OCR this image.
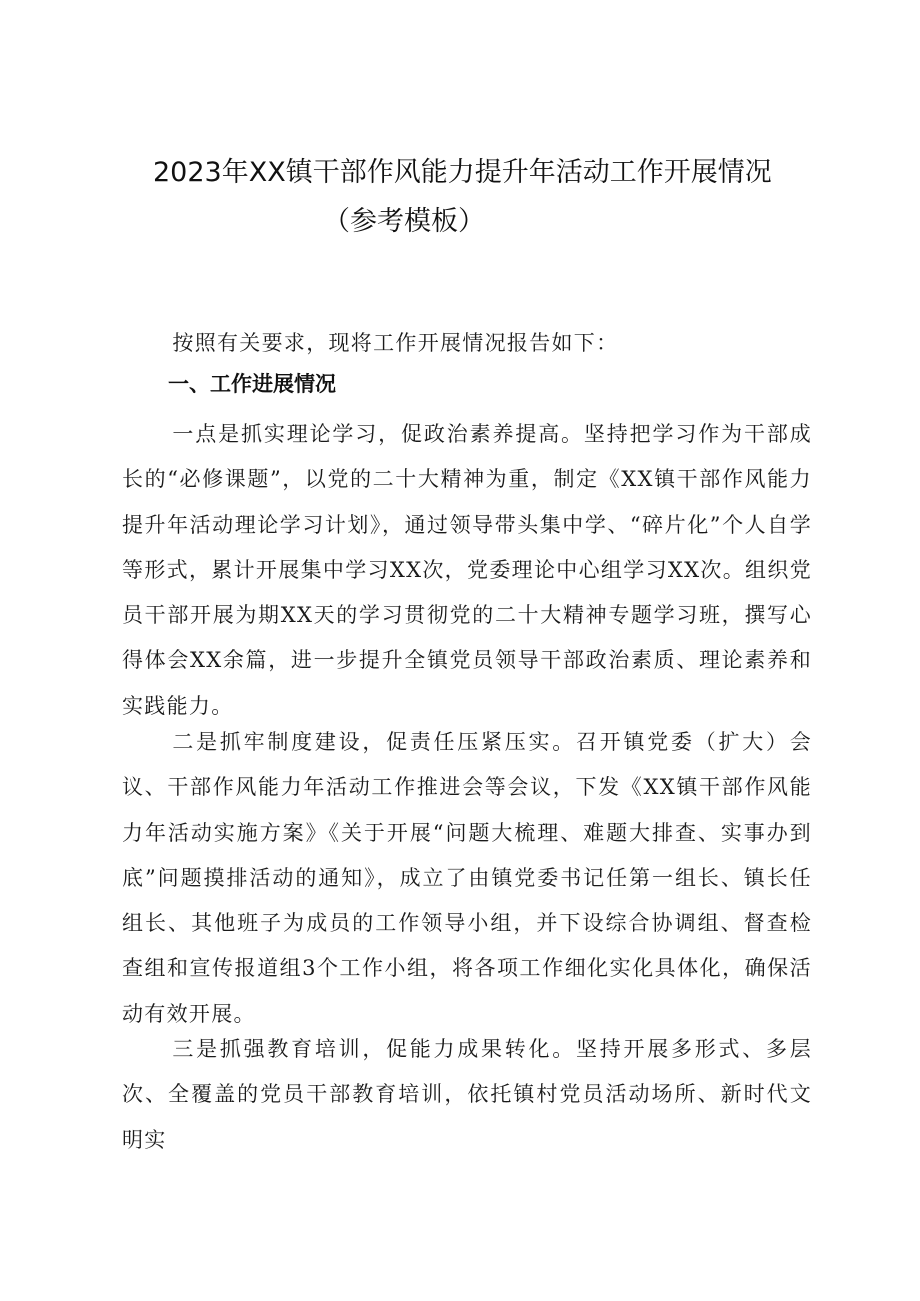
2023年XX镇干部作风能力提升年活动工作开展情况
（参考模板）

按照有关要求，现将工作开展情况报告如下：

一、工作进展情况

一点是抓实理论学习，促政治素养提高。坚持把学习作为干部成长的“必修课题”，以党的二十大精神为重，制定《XX镇干部作风能力提升年活动理论学习计划》，通过领导带头集中学、“碎片化”个人自学等形式，累计开展集中学习XX次，党委理论中心组学习XX次。组织党员干部开展为期XX天的学习贯彻党的二十大精神专题学习班，撰写心得体会XX余篇，进一步提升全镇党员领导干部政治素质、理论素养和实践能力。

二是抓牢制度建设，促责任压紧压实。召开镇党委（扩大）会议、干部作风能力年活动工作推进会等会议，下发《XX镇干部作风能力年活动实施方案》《关于开展“问题大梳理、难题大排查、实事办到底”问题摸排活动的通知》，成立了由镇党委书记任第一组长、镇长任组长、其他班子为成员的工作领导小组，并下设综合协调组、督查检查组和宣传报道组3个工作小组，将各项工作细化实化具体化，确保活动有效开展。

三是抓强教育培训，促能力成果转化。坚持开展多形式、多层次、全覆盖的党员干部教育培训，依托镇村党员活动场所、新时代文明实
